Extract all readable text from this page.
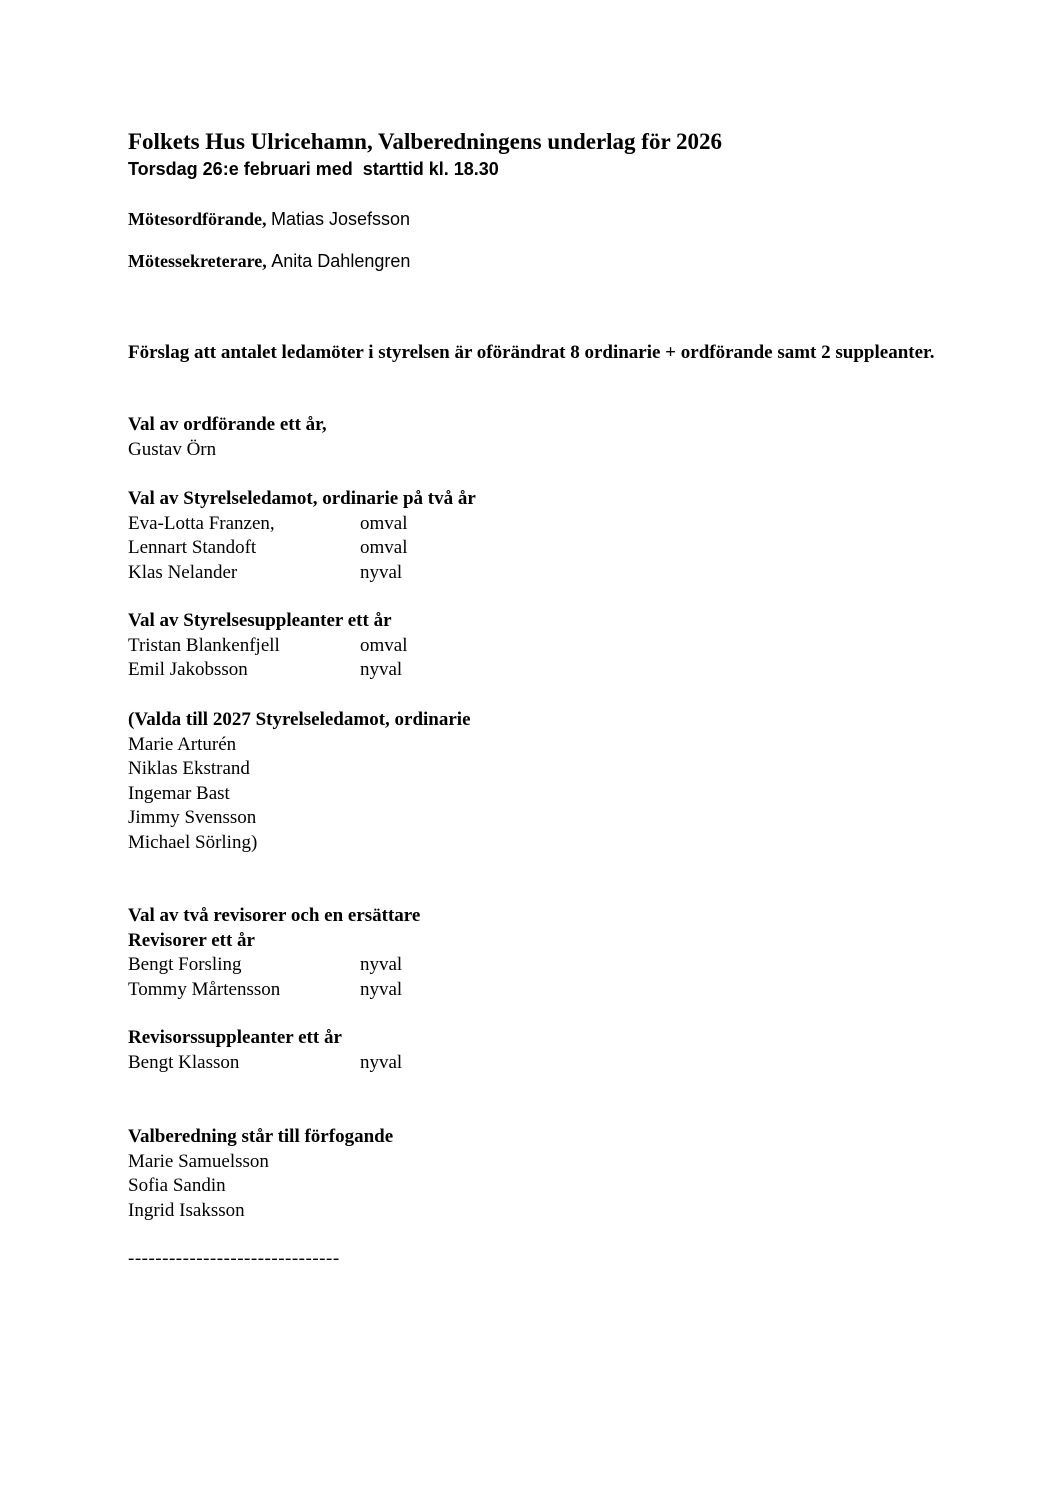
Folkets Hus Ulricehamn, Valberedningens underlag för 2026
Torsdag 26:e februari med  starttid kl. 18.30
Mötesordförande, Matias Josefsson
Mötessekreterare, Anita Dahlengren
Förslag att antalet ledamöter i styrelsen är oförändrat 8 ordinarie + ordförande samt 2 suppleanter.
Val av ordförande ett år,
Gustav Örn
Val av Styrelseledamot, ordinarie på två år
Eva-Lotta Franzen,	omval
Lennart Standoft	omval
Klas Nelander	nyval
Val av Styrelsesuppleanter ett år
Tristan Blankenfjell	omval
Emil Jakobsson	nyval
(Valda till 2027 Styrelseledamot, ordinarie
Marie Arturén
Niklas Ekstrand
Ingemar Bast
Jimmy Svensson
Michael Sörling)
Val av två revisorer och en ersättare
Revisorer ett år
Bengt Forsling	nyval
Tommy Mårtensson	nyval
Revisorssuppleanter ett år
Bengt Klasson	nyval
Valberedning står till förfogande
Marie Samuelsson
Sofia Sandin
Ingrid Isaksson
-------------------------------
